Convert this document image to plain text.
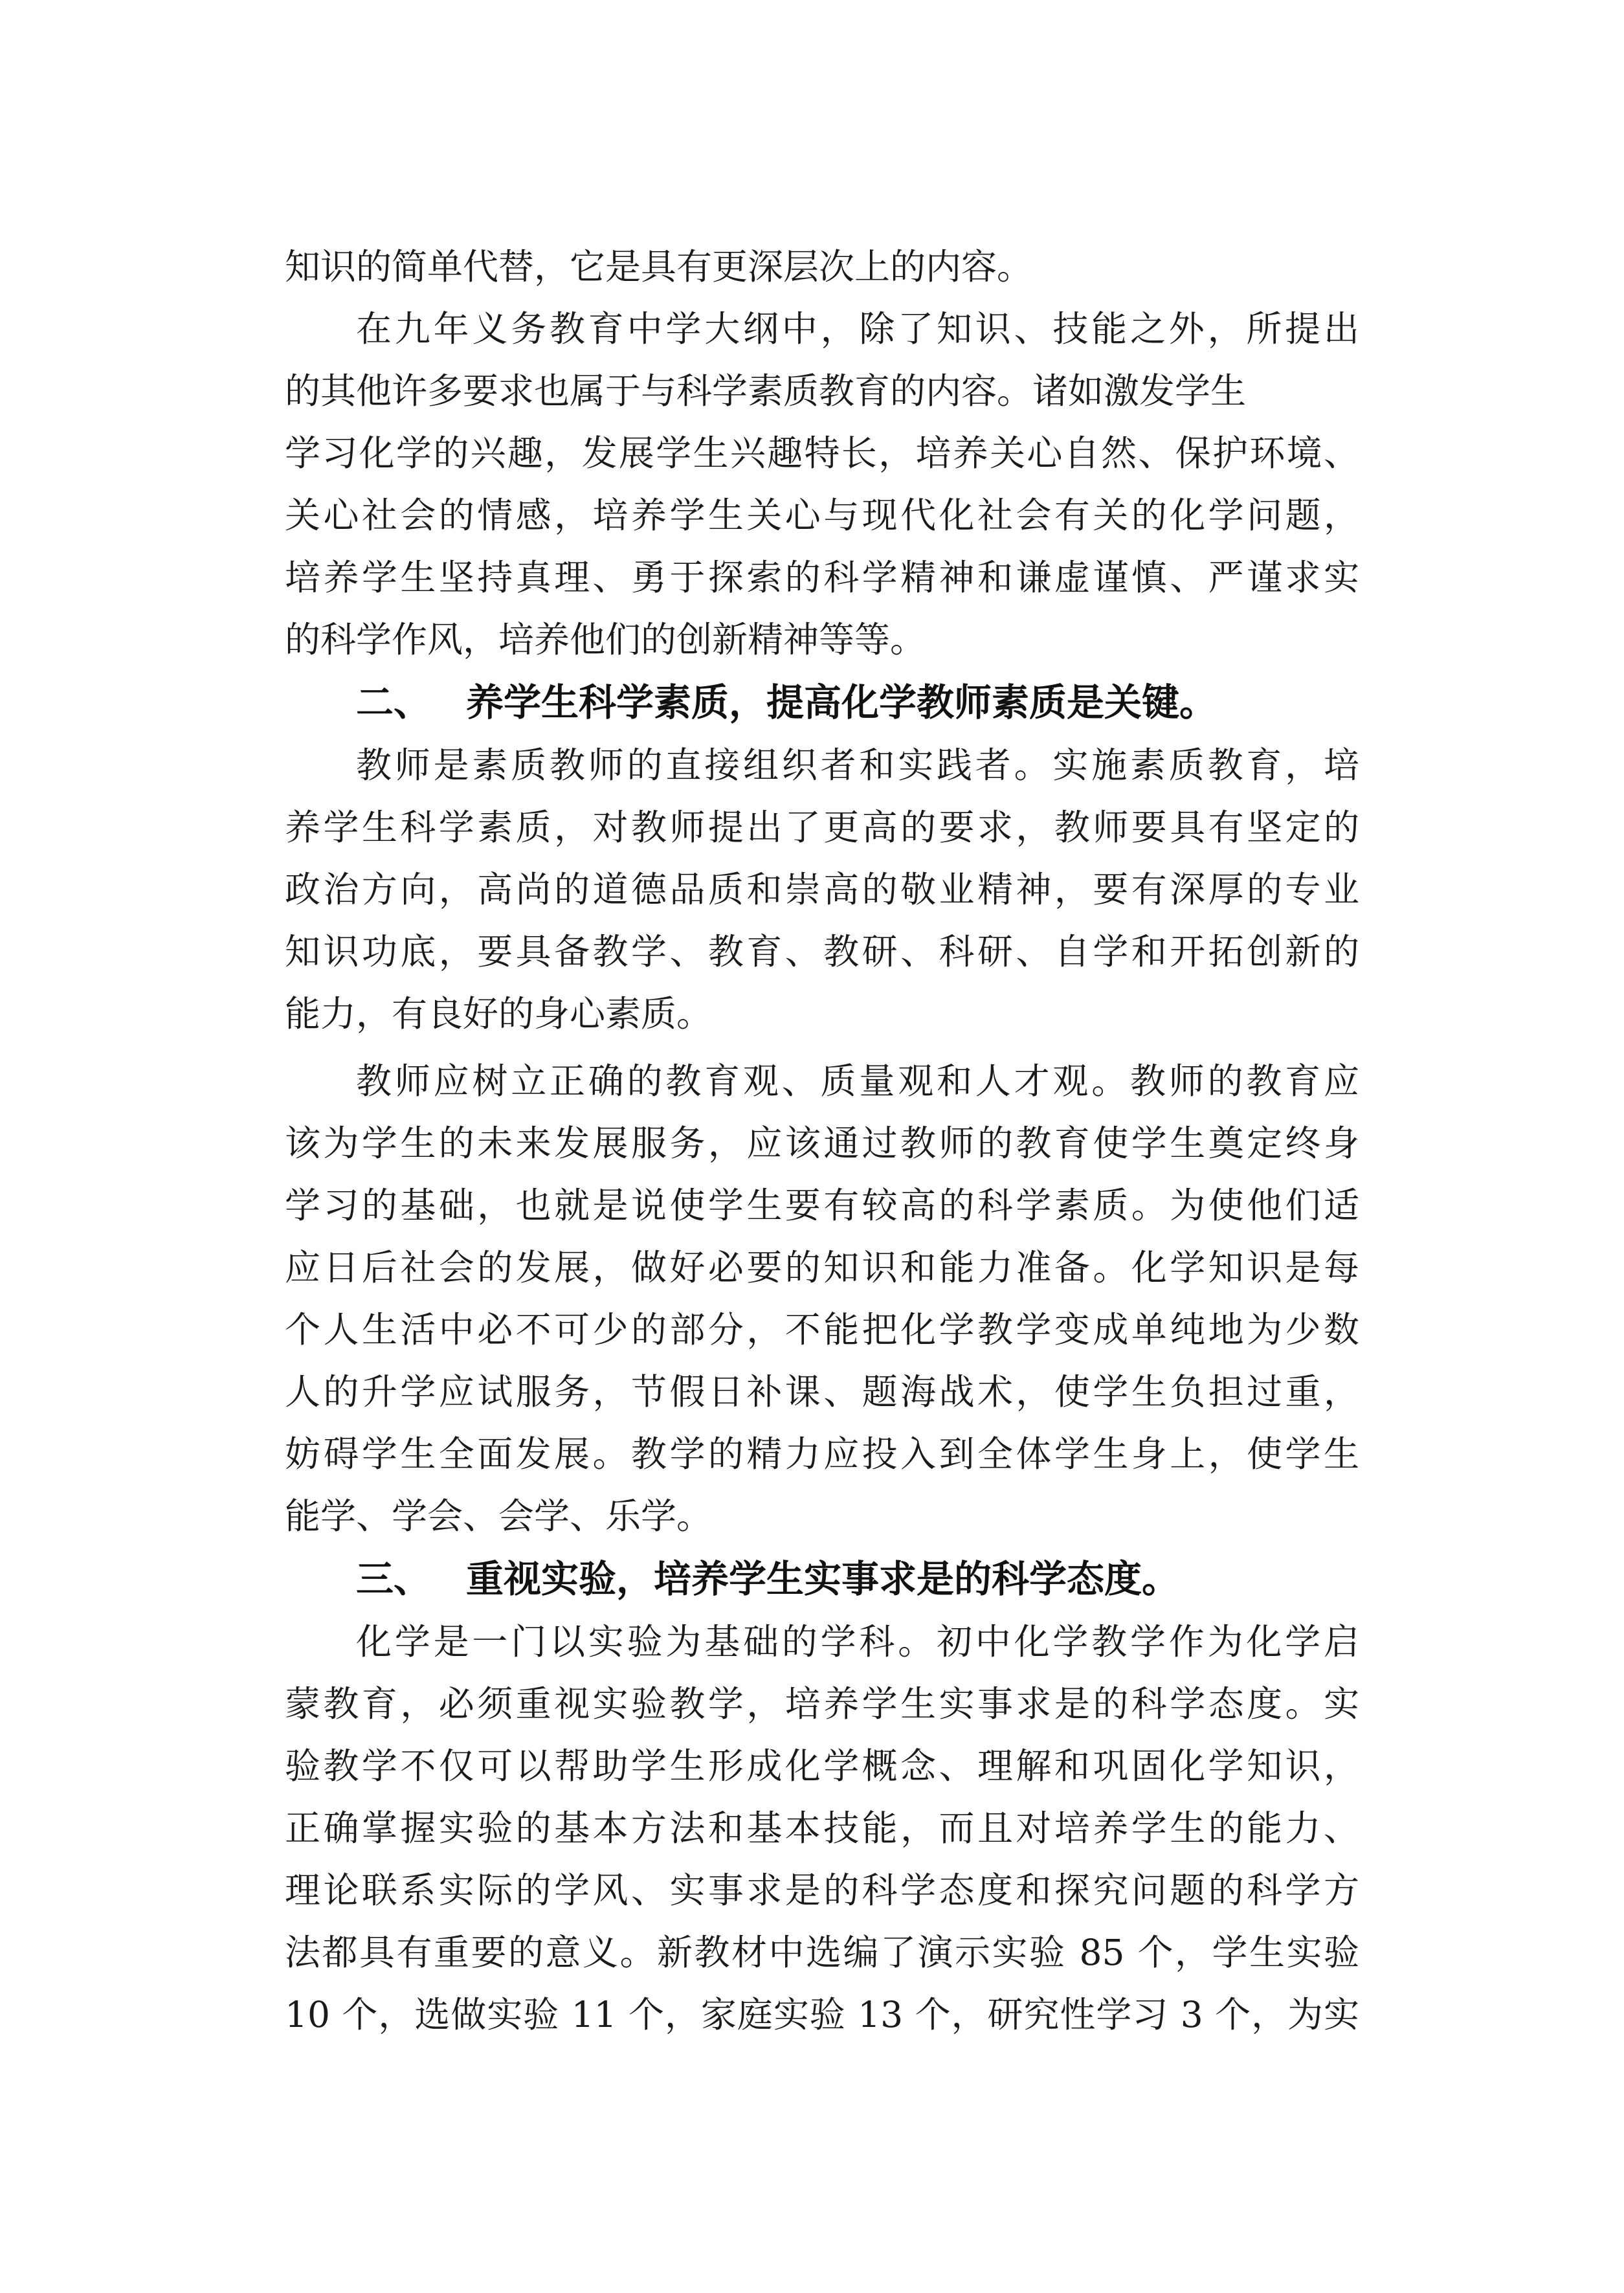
知识的简单代替，它是具有更深层次上的内容。
在九年义务教育中学大纲中，除了知识、技能之外，所提出
的其他许多要求也属于与科学素质教育的内容。诸如激发学生
学习化学的兴趣，发展学生兴趣特长，培养关心自然、保护环境、
关心社会的情感，培养学生关心与现代化社会有关的化学问题，
培养学生坚持真理、勇于探索的科学精神和谦虚谨慎、严谨求实
的科学作风，培养他们的创新精神等等。
二、 养学生科学素质，提高化学教师素质是关键。
教师是素质教师的直接组织者和实践者。实施素质教育，培
养学生科学素质，对教师提出了更高的要求，教师要具有坚定的
政治方向，高尚的道德品质和崇高的敬业精神，要有深厚的专业
知识功底，要具备教学、教育、教研、科研、自学和开拓创新的
能力，有良好的身心素质。
教师应树立正确的教育观、质量观和人才观。教师的教育应
该为学生的未来发展服务，应该通过教师的教育使学生奠定终身
学习的基础，也就是说使学生要有较高的科学素质。为使他们适
应日后社会的发展，做好必要的知识和能力准备。化学知识是每
个人生活中必不可少的部分，不能把化学教学变成单纯地为少数
人的升学应试服务，节假日补课、题海战术，使学生负担过重，
妨碍学生全面发展。教学的精力应投入到全体学生身上，使学生
能学、学会、会学、乐学。
三、 重视实验，培养学生实事求是的科学态度。
化学是一门以实验为基础的学科。初中化学教学作为化学启
蒙教育，必须重视实验教学，培养学生实事求是的科学态度。实
验教学不仅可以帮助学生形成化学概念、理解和巩固化学知识，
正确掌握实验的基本方法和基本技能，而且对培养学生的能力、
理论联系实际的学风、实事求是的科学态度和探究问题的科学方
法都具有重要的意义。新教材中选编了演示实验 85 个，学生实验
10 个，选做实验 11 个，家庭实验 13 个，研究性学习 3 个，为实
